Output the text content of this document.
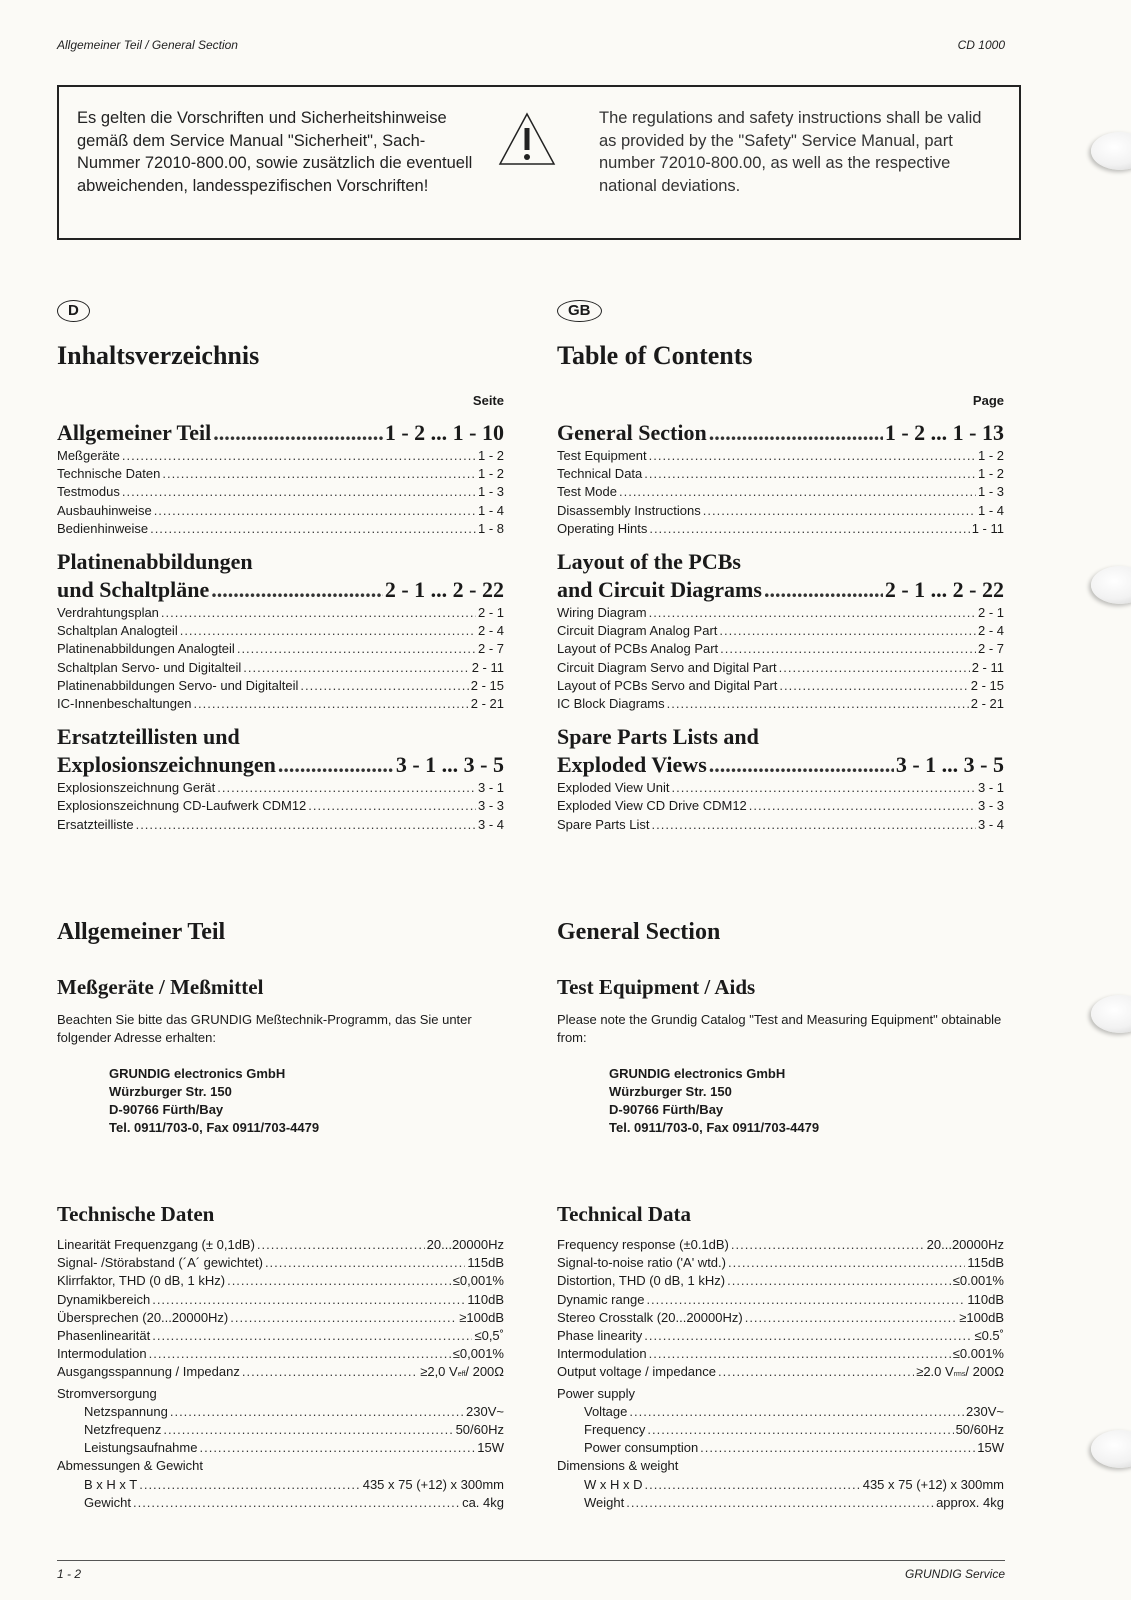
Allgemeiner Teil / General Section	CD 1000
Es gelten die Vorschriften und Sicherheitshinweise gemäß dem Service Manual "Sicherheit", Sach-Nummer 72010-800.00, sowie zusätzlich die eventuell abweichenden, landesspezifischen Vorschriften!
The regulations and safety instructions shall be valid as provided by the "Safety" Service Manual, part number 72010-800.00, as well as the respective national deviations.
D
Inhaltsverzeichnis
Seite
Allgemeiner Teil .....	1 - 2 ... 1 - 10
Meßgeräte .....	1 - 2
Technische Daten .....	1 - 2
Testmodus .....	1 - 3
Ausbauhinweise .....	1 - 4
Bedienhinweise .....	1 - 8
Platinenabbildungen
und Schaltpläne .....	2 - 1 ... 2 - 22
Verdrahtungsplan .....	2 - 1
Schaltplan Analogteil .....	2 - 4
Platinenabbildungen Analogteil .....	2 - 7
Schaltplan Servo- und Digitalteil .....	2 - 11
Platinenabbildungen Servo- und Digitalteil .....	2 - 15
IC-Innenbeschaltungen .....	2 - 21
Ersatzteillisten und
Explosionszeichnungen .....	3 - 1 ... 3 - 5
Explosionszeichnung Gerät .....	3 - 1
Explosionszeichnung CD-Laufwerk CDM12 .....	3 - 3
Ersatzteilliste .....	3 - 4
Allgemeiner Teil
Meßgeräte / Meßmittel
Beachten Sie bitte das GRUNDIG Meßtechnik-Programm, das Sie unter folgender Adresse erhalten:
GRUNDIG electronics GmbH
Würzburger Str. 150
D-90766 Fürth/Bay
Tel. 0911/703-0, Fax 0911/703-4479
Technische Daten
Linearität Frequenzgang (± 0,1dB) .....	20...20000Hz
Signal- /Störabstand (´A´ gewichtet) .....	115dB
Klirrfaktor, THD (0 dB, 1 kHz) .....	≤0,001%
Dynamikbereich .....	110dB
Übersprechen (20...20000Hz) .....	≥100dB
Phasenlinearität .....	≤0,5˚
Intermodulation .....	≤0,001%
Ausgangsspannung / Impedanz .....	≥2,0 $V_{eff} / 200\Omega$
Stromversorgung
Netzspannung .....	230V~
Netzfrequenz .....	50/60Hz
Leistungsaufnahme .....	15W
Abmessungen & Gewicht
B x H x T .....	435 x 75 (+12) x 300mm
Gewicht .....	ca. 4kg
GB
Table of Contents
Page
General Section .....	1 - 2 ... 1 - 13
Test Equipment .....	1 - 2
Technical Data .....	1 - 2
Test Mode .....	1 - 3
Disassembly Instructions .....	1 - 4
Operating Hints .....	1 - 11
Layout of the PCBs
and Circuit Diagrams .....	2 - 1 ... 2 - 22
Wiring Diagram .....	2 - 1
Circuit Diagram Analog Part .....	2 - 4
Layout of PCBs Analog Part .....	2 - 7
Circuit Diagram Servo and Digital Part .....	2 - 11
Layout of PCBs Servo and Digital Part .....	2 - 15
IC Block Diagrams .....	2 - 21
Spare Parts Lists and
Exploded Views .....	3 - 1 ... 3 - 5
Exploded View Unit .....	3 - 1
Exploded View CD Drive CDM12 .....	3 - 3
Spare Parts List .....	3 - 4
General Section
Test Equipment / Aids
Please note the Grundig Catalog "Test and Measuring Equipment" obtainable from:
GRUNDIG electronics GmbH
Würzburger Str. 150
D-90766 Fürth/Bay
Tel. 0911/703-0, Fax 0911/703-4479
Technical Data
Frequency response (±0.1dB) .....	20...20000Hz
Signal-to-noise ratio ('A' wtd.) .....	115dB
Distortion, THD (0 dB, 1 kHz) .....	≤0.001%
Dynamic range .....	110dB
Stereo Crosstalk (20...20000Hz) .....	≥100dB
Phase linearity .....	≤0.5˚
Intermodulation .....	≤0.001%
Output voltage / impedance .....	≥2.0 $V_{rms} / 200\Omega$
Power supply
Voltage .....	230V~
Frequency .....	50/60Hz
Power consumption .....	15W
Dimensions & weight
W x H x D .....	435 x 75 (+12) x 300mm
Weight .....	approx. 4kg
1 - 2	GRUNDIG Service
